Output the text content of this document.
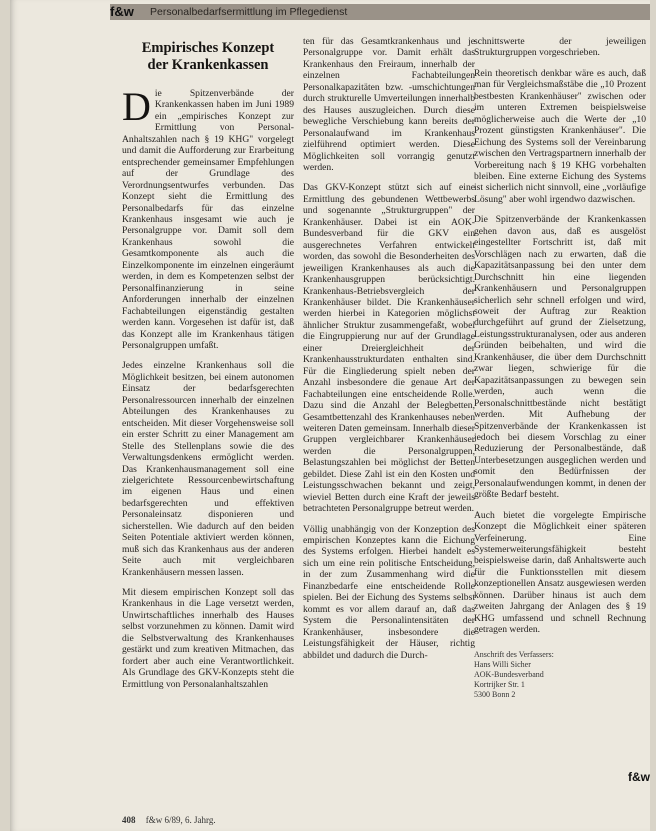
Personalbedarfsermittlung im Pflegedienst
f&w
Empirisches Konzept
der Krankenkassen

Die Spitzenverbände der Krankenkassen haben im Juni 1989 ein „empirisches Konzept zur Ermittlung von Personal-Anhaltszahlen nach § 19 KHG" vorgelegt und damit die Aufforderung zur Erarbeitung entsprechender gemeinsamer Empfehlungen auf der Grundlage des Verordnungsentwurfes verbunden. Das Konzept sieht die Ermittlung des Personalbedarfs für das einzelne Krankenhaus insgesamt wie auch je Personalgruppe vor. Damit soll dem Krankenhaus sowohl die Gesamtkomponente als auch die Einzelkomponente im einzelnen eingeräumt werden, in dem es Kompetenzen selbst der Personalfinanzierung in seine Anforderungen innerhalb der einzelnen Fachabteilungen eigenständig gestalten werden kann. Vorgesehen ist dafür ist, daß das Konzept alle im Krankenhaus tätigen Personalgruppen umfaßt.

Jedes einzelne Krankenhaus soll die Möglichkeit besitzen, bei einem autonomen Einsatz der bedarfsgerechten Personalressourcen innerhalb der einzelnen Abteilungen des Krankenhauses zu entscheiden. Mit dieser Vorgehensweise soll ein erster Schritt zu einer Management am Stelle des Stellenplans sowie die des Verwaltungsdenkens ermöglicht werden. Das Krankenhausmanagement soll eine zielgerichtete Ressourcenbewirtschaftung im eigenen Haus und einen bedarfsgerechten und effektiven Personaleinsatz disponieren und sicherstellen. Wie dadurch auf den beiden Seiten Potentiale aktiviert werden können, muß sich das Krankenhaus aus der anderen Seite auch mit vergleichbaren Krankenhäusern messen lassen.

Mit diesem empirischen Konzept soll das Krankenhaus in die Lage versetzt werden, Unwirtschaftliches innerhalb des Hauses selbst vorzunehmen zu können. Damit wird die Selbstverwaltung des Krankenhauses gestärkt und zum kreativen Mitmachen, das fordert aber auch eine Verantwortlichkeit. Als Grundlage des GKV-Konzepts steht die Ermittlung von Personalanhaltszahlen

ten für das Gesamtkrankenhaus und je Personalgruppe vor. Damit erhält das Krankenhaus den Freiraum, innerhalb der einzelnen Fachabteilungen Personalkapazitäten bzw. -umschichtungen durch strukturelle Umverteilungen innerhalb des Hauses auszugleichen. Durch diese bewegliche Verschiebung kann bereits der Personalaufwand im Krankenhaus zielführend optimiert werden. Diese Möglichkeiten soll vorrangig genutzt werden.

Das GKV-Konzept stützt sich auf eine Ermittlung des gebundenen Wettbewerbs und sogenannte „Strukturgruppen" der Krankenhäuser. Dabei ist ein AOK-Bundesverband für die GKV ein ausgerechnetes Verfahren entwickelt worden, das sowohl die Besonderheiten des jeweiligen Krankenhauses als auch die Krankenhausgruppen berücksichtigt. Krankenhaus-Betriebsvergleich der Krankenhäuser bildet. Die Krankenhäuser werden hierbei in Kategorien möglichst ähnlicher Struktur zusammengefaßt, wobei die Eingruppierung nur auf der Grundlage einer Dreiergleichheit der Krankenhausstrukturdaten enthalten sind. Für die Eingliederung spielt neben der Anzahl insbesondere die genaue Art der Fachabteilungen eine entscheidende Rolle. Dazu sind die Anzahl der Belegbetten, Gesamtbettenzahl des Krankenhauses neben weiteren Daten gemeinsam. Innerhalb dieser Gruppen vergleichbarer Krankenhäuser werden die Personalgruppen, Belastungszahlen bei möglichst der Betten gebildet. Diese Zahl ist ein den Kosten und Leistungsschwachen bekannt und zeigt, wieviel Betten durch eine Kraft der jeweils betrachteten Personalgruppe betreut werden.

Völlig unabhängig von der Konzeption des empirischen Konzeptes kann die Eichung des Systems erfolgen. Hierbei handelt es sich um eine rein politische Entscheidung, in der zum Zusammenhang wird die Finanzbedarfe eine entscheidende Rolle spielen. Bei der Eichung des Systems selbst kommt es vor allem darauf an, daß das System die Personalintensitäten der Krankenhäuser, insbesondere die Leistungsfähigkeit der Häuser, richtig abbildet und dadurch die Durch-

schnittswerte der jeweiligen Strukturgruppen vorgeschrieben.

Rein theoretisch denkbar wäre es auch, daß man für Vergleichsmaßstäbe die „10 Prozent bestbesten Krankenhäuser" zwischen oder im unteren Extremen beispielsweise möglicherweise auch die Werte der „10 Prozent günstigsten Krankenhäuser". Die Eichung des Systems soll der Vereinbarung zwischen den Vertragspartnern innerhalb der Vorbereitung nach § 19 KHG vorbehalten bleiben. Eine externe Eichung des Systems ist sicherlich nicht sinnvoll, eine „vorläufige Lösung" aber wohl irgendwo dazwischen.

Die Spitzenverbände der Krankenkassen gehen davon aus, daß es ausgelöst eingestellter Fortschritt ist, daß mit Vorschlägen nach zu erwarten, daß die Kapazitätsanpassung bei den unter dem Durchschnitt hin eine liegenden Krankenhäusern und Personalgruppen sicherlich sehr schnell erfolgen und wird, soweit der Auftrag zur Reaktion durchgeführt auf grund der Zielsetzung, Leistungsstrukturanalysen, oder aus anderen Gründen beibehalten, und wird die Krankenhäuser, die über dem Durchschnitt zwar liegen, schwierige für die Kapazitätsanpassungen zu bewegen sein werden, auch wenn die Personalschnittbestände nicht bestätigt werden. Mit Aufhebung der Spitzenverbände der Krankenkassen ist jedoch bei diesem Vorschlag zu einer Reduzierung der Personalbestände, daß Unterbesetzungen ausgeglichen werden und somit den Bedürfnissen der Personalaufwendungen kommt, in denen der größte Bedarf besteht.

Auch bietet die vorgelegte Empirische Konzept die Möglichkeit einer späteren Verfeinerung. Eine Systemerweiterungsfähigkeit besteht beispielsweise darin, daß Anhaltswerte auch für die Funktionsstellen mit diesem konzeptionellen Ansatz ausgewiesen werden können. Darüber hinaus ist auch dem zweiten Jahrgang der Anlagen des § 19 KHG umfassend und schnell Rechnung getragen werden.

Anschrift des Verfassers:
Hans Willi Sicher
AOK-Bundesverband
Kortrijker Str. 1
5300 Bonn 2
f&w
408 f&w 6/89, 6. Jahrg.
